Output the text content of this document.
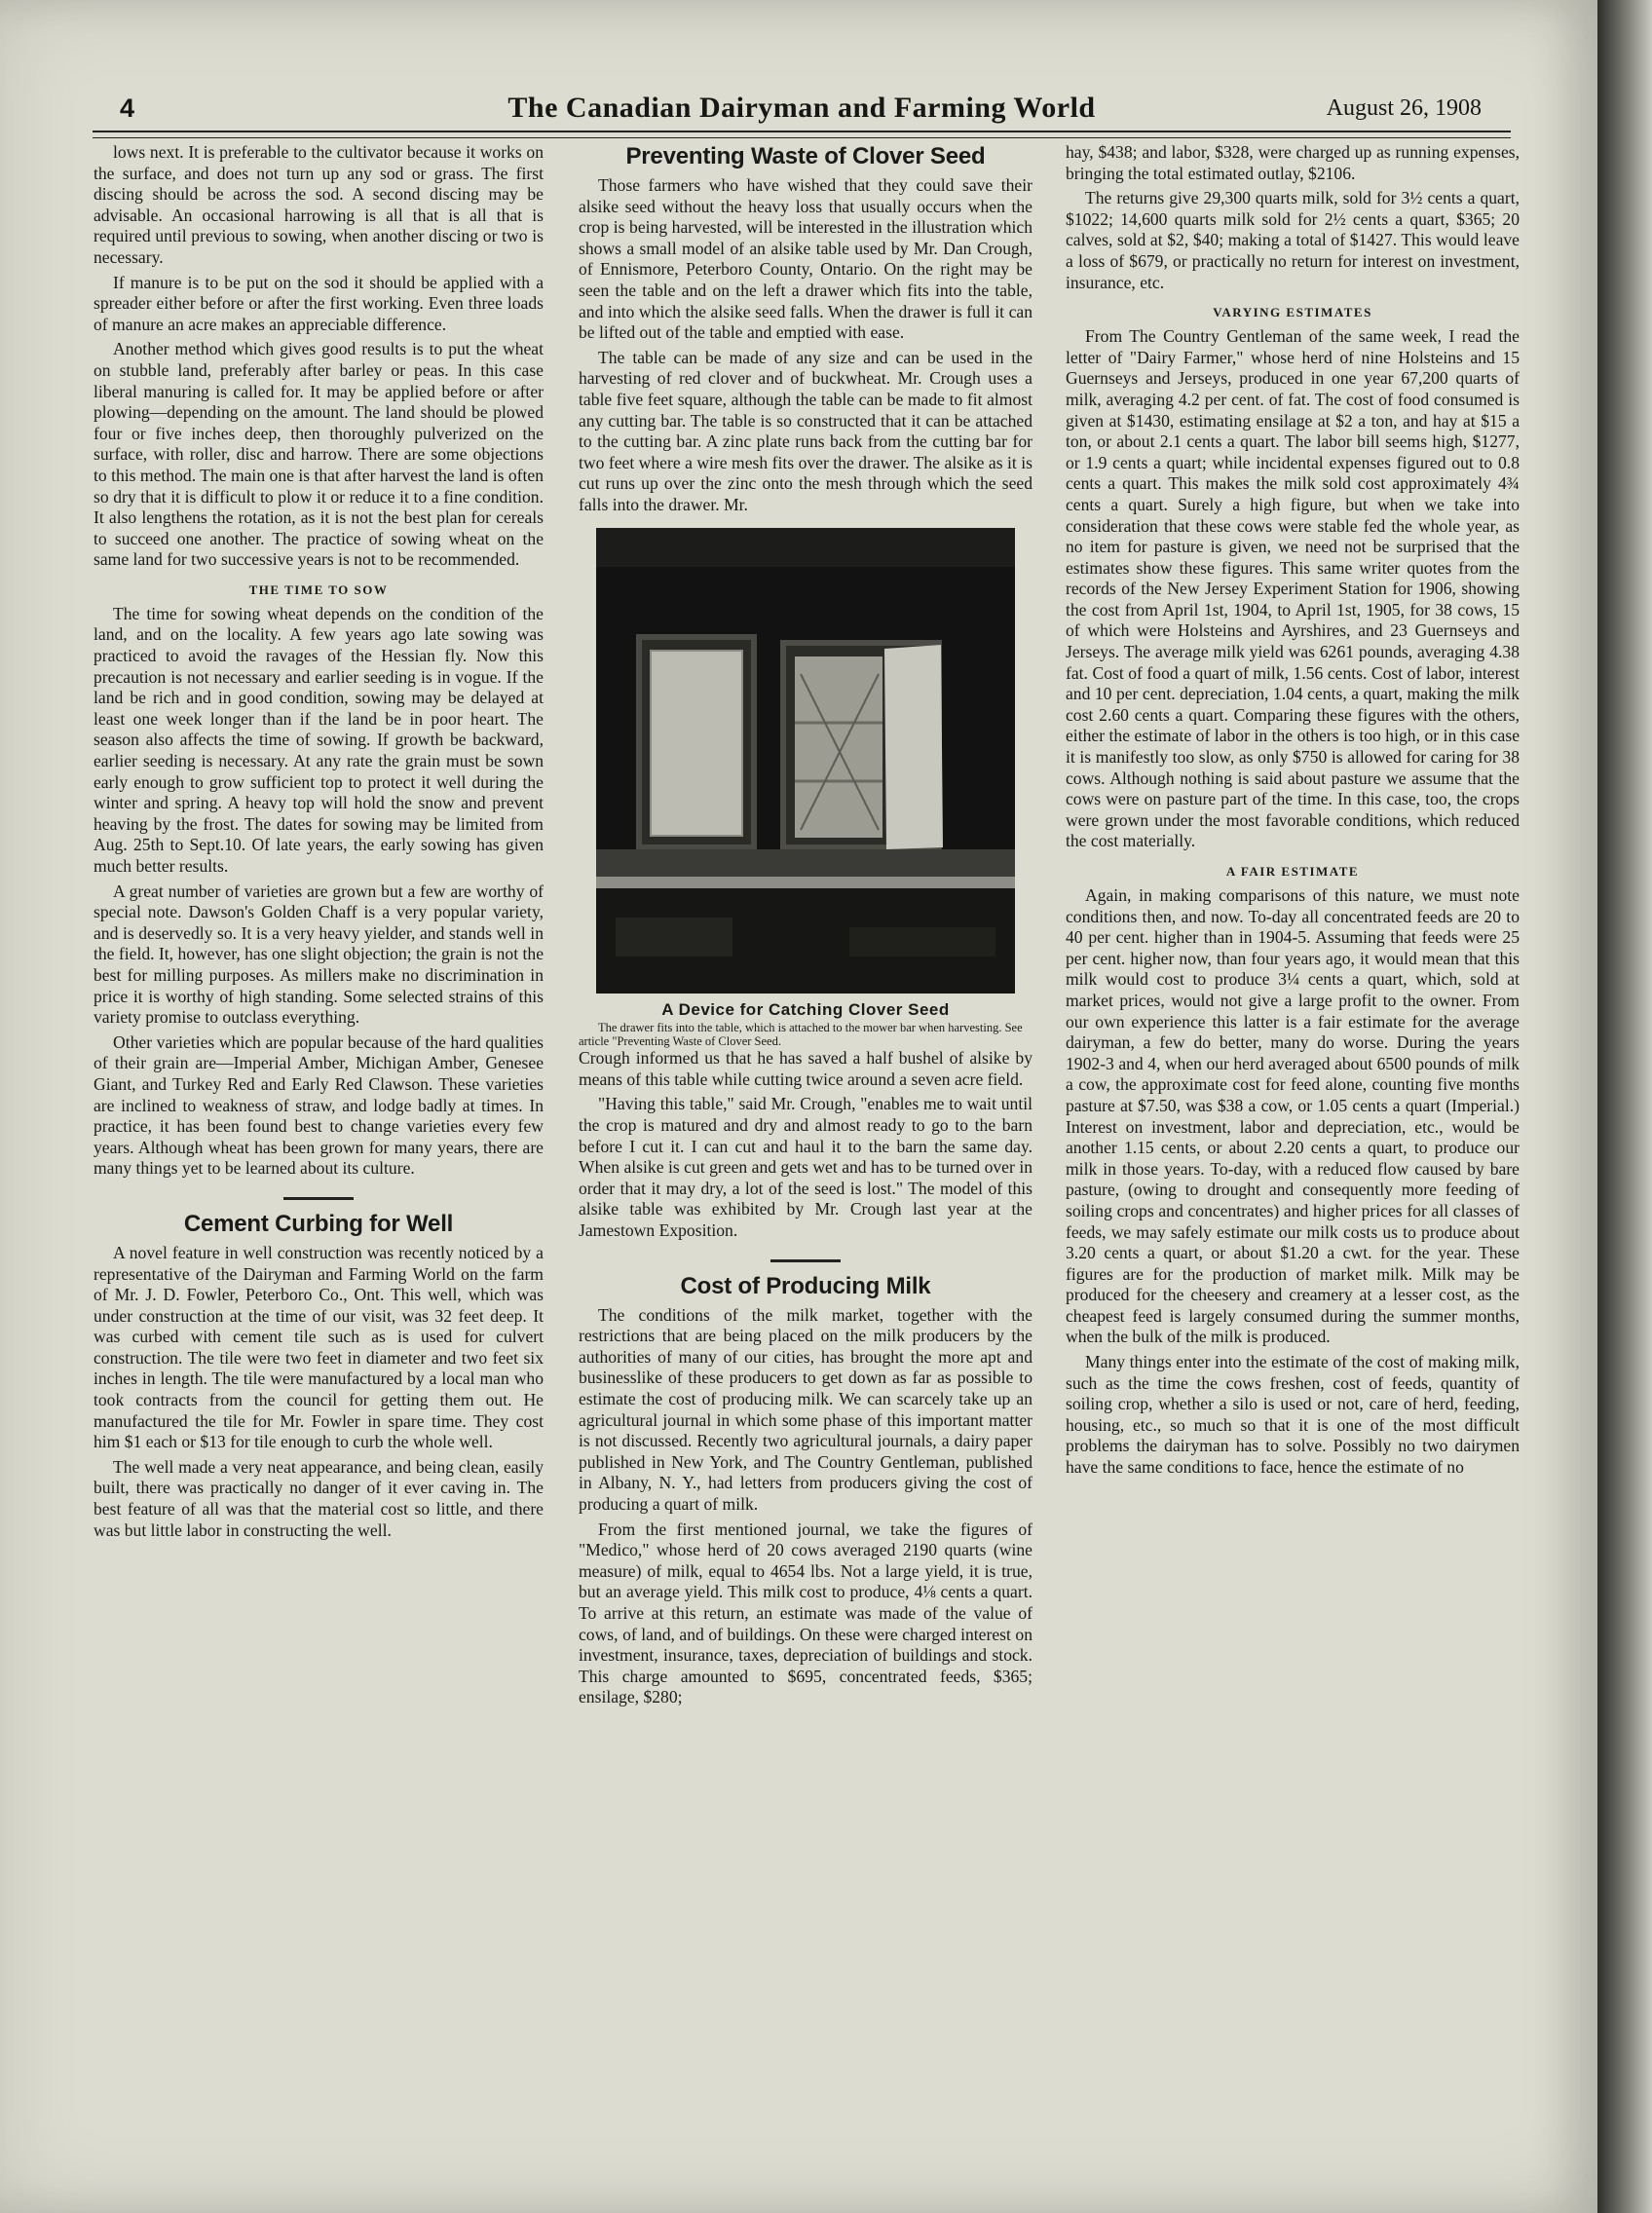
4	The Canadian Dairyman and Farming World	August 26, 1908

lows next. It is preferable to the cultivator because it works on the surface, and does not turn up any sod or grass. The first discing should be across the sod. A second discing may be advisable. An occasional harrowing is all that is all that is required until previous to sowing, when another discing or two is necessary.

If manure is to be put on the sod it should be applied with a spreader either before or after the first working. Even three loads of manure an acre makes an appreciable difference.

Another method which gives good results is to put the wheat on stubble land, preferably after barley or peas. In this case liberal manuring is called for. It may be applied before or after plowing—depending on the amount. The land should be plowed four or five inches deep, then thoroughly pulverized on the surface, with roller, disc and harrow. There are some objections to this method. The main one is that after harvest the land is often so dry that it is difficult to plow it or reduce it to a fine condition. It also lengthens the rotation, as it is not the best plan for cereals to succeed one another. The practice of sowing wheat on the same land for two successive years is not to be recommended.

THE TIME TO SOW

The time for sowing wheat depends on the condition of the land, and on the locality. A few years ago late sowing was practiced to avoid the ravages of the Hessian fly. Now this precaution is not necessary and earlier seeding is in vogue. If the land be rich and in good condition, sowing may be delayed at least one week longer than if the land be in poor heart. The season also affects the time of sowing. If growth be backward, earlier seeding is necessary. At any rate the grain must be sown early enough to grow sufficient top to protect it well during the winter and spring. A heavy top will hold the snow and prevent heaving by the frost. The dates for sowing may be limited from Aug. 25th to Sept.10. Of late years, the early sowing has given much better results.

A great number of varieties are grown but a few are worthy of special note. Dawson's Golden Chaff is a very popular variety, and is deservedly so. It is a very heavy yielder, and stands well in the field. It, however, has one slight objection; the grain is not the best for milling purposes. As millers make no discrimination in price it is worthy of high standing. Some selected strains of this variety promise to outclass everything.

Other varieties which are popular because of the hard qualities of their grain are—Imperial Amber, Michigan Amber, Genesee Giant, and Turkey Red and Early Red Clawson. These varieties are inclined to weakness of straw, and lodge badly at times. In practice, it has been found best to change varieties every few years. Although wheat has been grown for many years, there are many things yet to be learned about its culture.

Cement Curbing for Well

A novel feature in well construction was recently noticed by a representative of the Dairyman and Farming World on the farm of Mr. J. D. Fowler, Peterboro Co., Ont. This well, which was under construction at the time of our visit, was 32 feet deep. It was curbed with cement tile such as is used for culvert construction. The tile were two feet in diameter and two feet six inches in length. The tile were manufactured by a local man who took contracts from the council for getting them out. He manufactured the tile for Mr. Fowler in spare time. They cost him $1 each or $13 for tile enough to curb the whole well.

The well made a very neat appearance, and being clean, easily built, there was practically no danger of it ever caving in. The best feature of all was that the material cost so little, and there was but little labor in constructing the well.

Preventing Waste of Clover Seed

Those farmers who have wished that they could save their alsike seed without the heavy loss that usually occurs when the crop is being harvested, will be interested in the illustration which shows a small model of an alsike table used by Mr. Dan Crough, of Ennismore, Peterboro County, Ontario. On the right may be seen the table and on the left a drawer which fits into the table, and into which the alsike seed falls. When the drawer is full it can be lifted out of the table and emptied with ease.

The table can be made of any size and can be used in the harvesting of red clover and of buckwheat. Mr. Crough uses a table five feet square, although the table can be made to fit almost any cutting bar. The table is so constructed that it can be attached to the cutting bar. A zinc plate runs back from the cutting bar for two feet where a wire mesh fits over the drawer. The alsike as it is cut runs up over the zinc onto the mesh through which the seed falls into the drawer. Mr.

A Device for Catching Clover Seed

The drawer fits into the table, which is attached to the mower bar when harvesting. See article "Preventing Waste of Clover Seed.

Crough informed us that he has saved a half bushel of alsike by means of this table while cutting twice around a seven acre field.

"Having this table," said Mr. Crough, "enables me to wait until the crop is matured and dry and almost ready to go to the barn before I cut it. I can cut and haul it to the barn the same day. When alsike is cut green and gets wet and has to be turned over in order that it may dry, a lot of the seed is lost." The model of this alsike table was exhibited by Mr. Crough last year at the Jamestown Exposition.

Cost of Producing Milk

The conditions of the milk market, together with the restrictions that are being placed on the milk producers by the authorities of many of our cities, has brought the more apt and businesslike of these producers to get down as far as possible to estimate the cost of producing milk. We can scarcely take up an agricultural journal in which some phase of this important matter is not discussed. Recently two agricultural journals, a dairy paper published in New York, and The Country Gentleman, published in Albany, N. Y., had letters from producers giving the cost of producing a quart of milk.

From the first mentioned journal, we take the figures of "Medico," whose herd of 20 cows averaged 2190 quarts (wine measure) of milk, equal to 4654 lbs. Not a large yield, it is true, but an average yield. This milk cost to produce, 4⅛ cents a quart. To arrive at this return, an estimate was made of the value of cows, of land, and of buildings. On these were charged interest on investment, insurance, taxes, depreciation of buildings and stock. This charge amounted to $695, concentrated feeds, $365; ensilage, $280;

hay, $438; and labor, $328, were charged up as running expenses, bringing the total estimated outlay, $2106.

The returns give 29,300 quarts milk, sold for 3½ cents a quart, $1022; 14,600 quarts milk sold for 2½ cents a quart, $365; 20 calves, sold at $2, $40; making a total of $1427. This would leave a loss of $679, or practically no return for interest on investment, insurance, etc.

VARYING ESTIMATES

From The Country Gentleman of the same week, I read the letter of "Dairy Farmer," whose herd of nine Holsteins and 15 Guernseys and Jerseys, produced in one year 67,200 quarts of milk, averaging 4.2 per cent. of fat. The cost of food consumed is given at $1430, estimating ensilage at $2 a ton, and hay at $15 a ton, or about 2.1 cents a quart. The labor bill seems high, $1277, or 1.9 cents a quart; while incidental expenses figured out to 0.8 cents a quart. This makes the milk sold cost approximately 4¾ cents a quart. Surely a high figure, but when we take into consideration that these cows were stable fed the whole year, as no item for pasture is given, we need not be surprised that the estimates show these figures. This same writer quotes from the records of the New Jersey Experiment Station for 1906, showing the cost from April 1st, 1904, to April 1st, 1905, for 38 cows, 15 of which were Holsteins and Ayrshires, and 23 Guernseys and Jerseys. The average milk yield was 6261 pounds, averaging 4.38 fat. Cost of food a quart of milk, 1.56 cents. Cost of labor, interest and 10 per cent. depreciation, 1.04 cents, a quart, making the milk cost 2.60 cents a quart. Comparing these figures with the others, either the estimate of labor in the others is too high, or in this case it is manifestly too slow, as only $750 is allowed for caring for 38 cows. Although nothing is said about pasture we assume that the cows were on pasture part of the time. In this case, too, the crops were grown under the most favorable conditions, which reduced the cost materially.

A FAIR ESTIMATE

Again, in making comparisons of this nature, we must note conditions then, and now. To-day all concentrated feeds are 20 to 40 per cent. higher than in 1904-5. Assuming that feeds were 25 per cent. higher now, than four years ago, it would mean that this milk would cost to produce 3¼ cents a quart, which, sold at market prices, would not give a large profit to the owner. From our own experience this latter is a fair estimate for the average dairyman, a few do better, many do worse. During the years 1902-3 and 4, when our herd averaged about 6500 pounds of milk a cow, the approximate cost for feed alone, counting five months pasture at $7.50, was $38 a cow, or 1.05 cents a quart (Imperial.) Interest on investment, labor and depreciation, etc., would be another 1.15 cents, or about 2.20 cents a quart, to produce our milk in those years. To-day, with a reduced flow caused by bare pasture, (owing to drought and consequently more feeding of soiling crops and concentrates) and higher prices for all classes of feeds, we may safely estimate our milk costs us to produce about 3.20 cents a quart, or about $1.20 a cwt. for the year. These figures are for the production of market milk. Milk may be produced for the cheesery and creamery at a lesser cost, as the cheapest feed is largely consumed during the summer months, when the bulk of the milk is produced.

Many things enter into the estimate of the cost of making milk, such as the time the cows freshen, cost of feeds, quantity of soiling crop, whether a silo is used or not, care of herd, feeding, housing, etc., so much so that it is one of the most difficult problems the dairyman has to solve. Possibly no two dairymen have the same conditions to face, hence the estimate of no
